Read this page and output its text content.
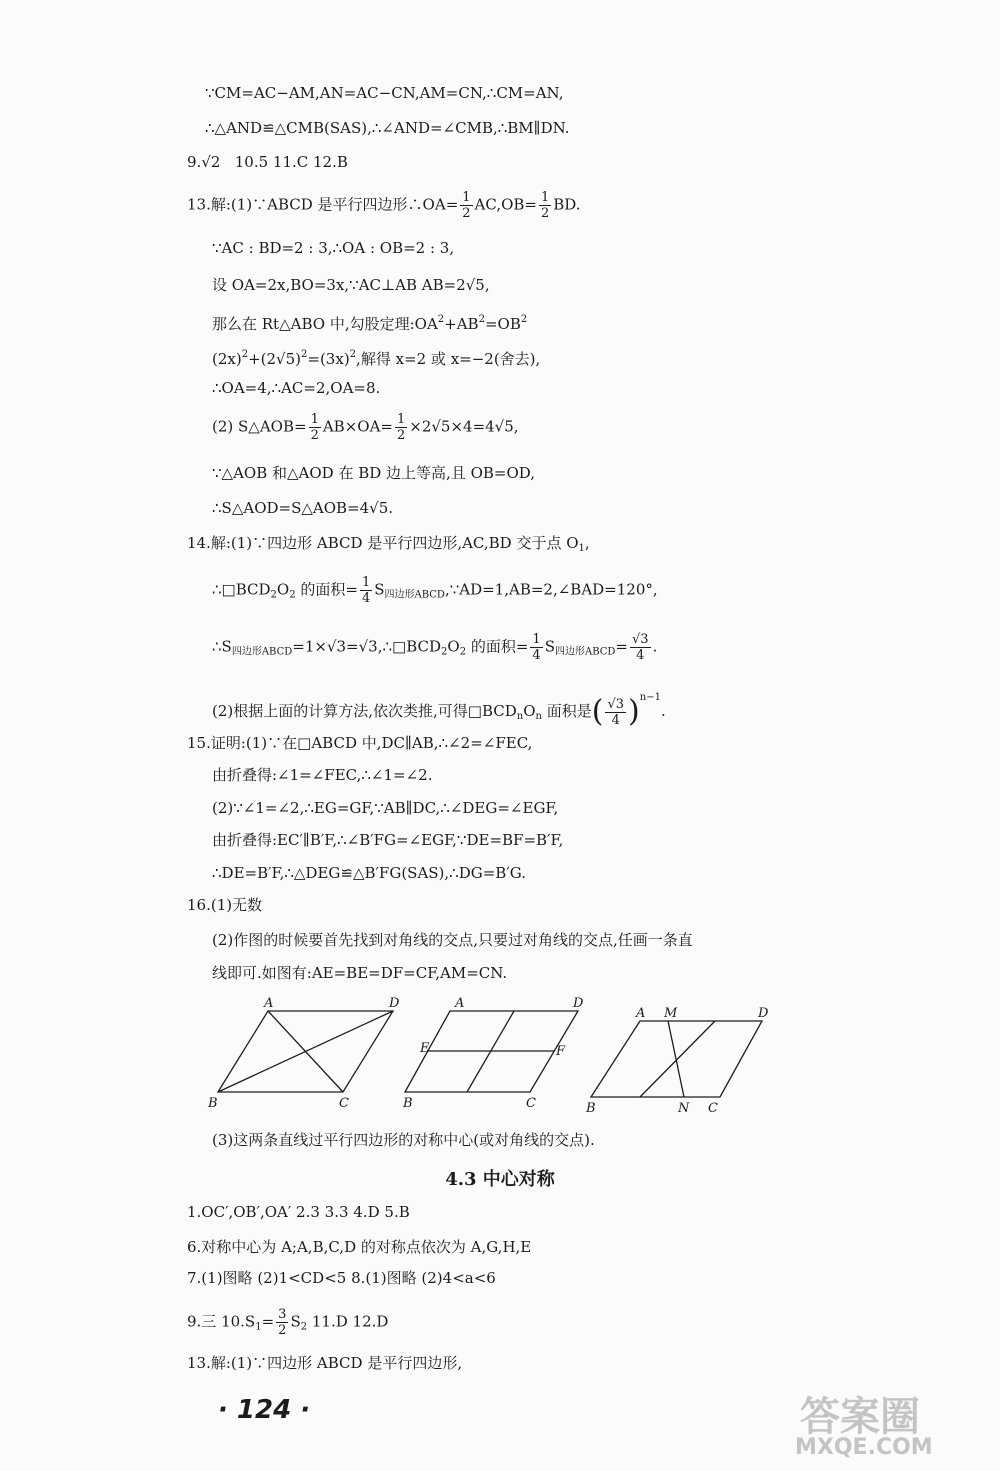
∵CM=AC−AM,AN=AC−CN,AM=CN,∴CM=AN,
∴△AND≌△CMB(SAS),∴∠AND=∠CMB,∴BM∥DN.
9.√2 10.5 11.C 12.B
13.解:(1)∵ABCD 是平行四边形∴OA= $\frac{1}{2} AC,OB= \frac{1}{2}$ BD.
∵AC : BD=2 : 3,∴OA : OB=2 : 3,
设 OA=2x,BO=3x,∵AC⊥AB AB=2√5,
那么在 Rt△ABO 中,勾股定理$:OA^2+AB^2=OB^2$
$(2x)^2+(2√5)^2=(3x)^2$,解得 x=2 或 x=−2(舍去),
∴OA=4,∴AC=2,OA=8.
(2) S△AOB= $\frac{1}{2} AB\times OA= \frac{1}{2} \times 2√5\times 4=4√5$,
∵△AOB 和△AOD 在 BD 边上等高,且 OB=OD,
∴S△AOD=S△AOB=4√5.
14.解:(1)∵四边形 ABCD 是平行四边形,AC,BD 交于点 $O_1$,
$\therefore□BCD_2O_2$ 的面积= $\frac{1}{4}$ $S_{四边形ABCD},\because AD=1,AB=2,\angle BAD=120^\circ$,
$\therefore S_{四边形ABCD}=1\times√3=√3,\therefore□BCD_2O_2$ 的面积= $\frac{1}{4} S_{四边形ABCD}= \frac{√3}{4}$ .
(2)根据上面的计算方法,依次类推,可得$□BCD_nO_n$ 面积是( $\frac{√3}{4} )^{n-1}$.
15.证明:(1)∵在□ABCD 中,DC∥AB,∴∠2=∠FEC,
由折叠得:∠1=∠FEC,∴∠1=∠2.
(2)∵∠1=∠2,∴EG=GF,∵AB∥DC,∴∠DEG=∠EGF,
由折叠得:EC′∥B′F,∴∠B′FG=∠EGF,∵DE=BF=B′F,
∴DE=B′F,∴△DEG≌△B′FG(SAS),∴DG=B′G.
16.(1)无数
(2)作图的时候要首先找到对角线的交点,只要过对角线的交点,任画一条直
线即可.如图有:AE=BE=DF=CF,AM=CN.
A	D
B	C
A	D
E	F
B	C
A M	D
B	N C
(3)这两条直线过平行四边形的对称中心(或对角线的交点).
4.3 中心对称
1.OC′,OB′,OA′ 2.3 3.3 4.D 5.B
6.对称中心为 A;A,B,C,D 的对称点依次为 A,G,H,E
7.(1)图略 (2)1<CD<5 8.(1)图略 (2)4<a<6
9.三 $10.S_1= \frac{3}{2} S_2$ 11.D 12.D
13.解:(1)∵四边形 ABCD 是平行四边形,
· 124 ·	答案圈
MXQE.COM
